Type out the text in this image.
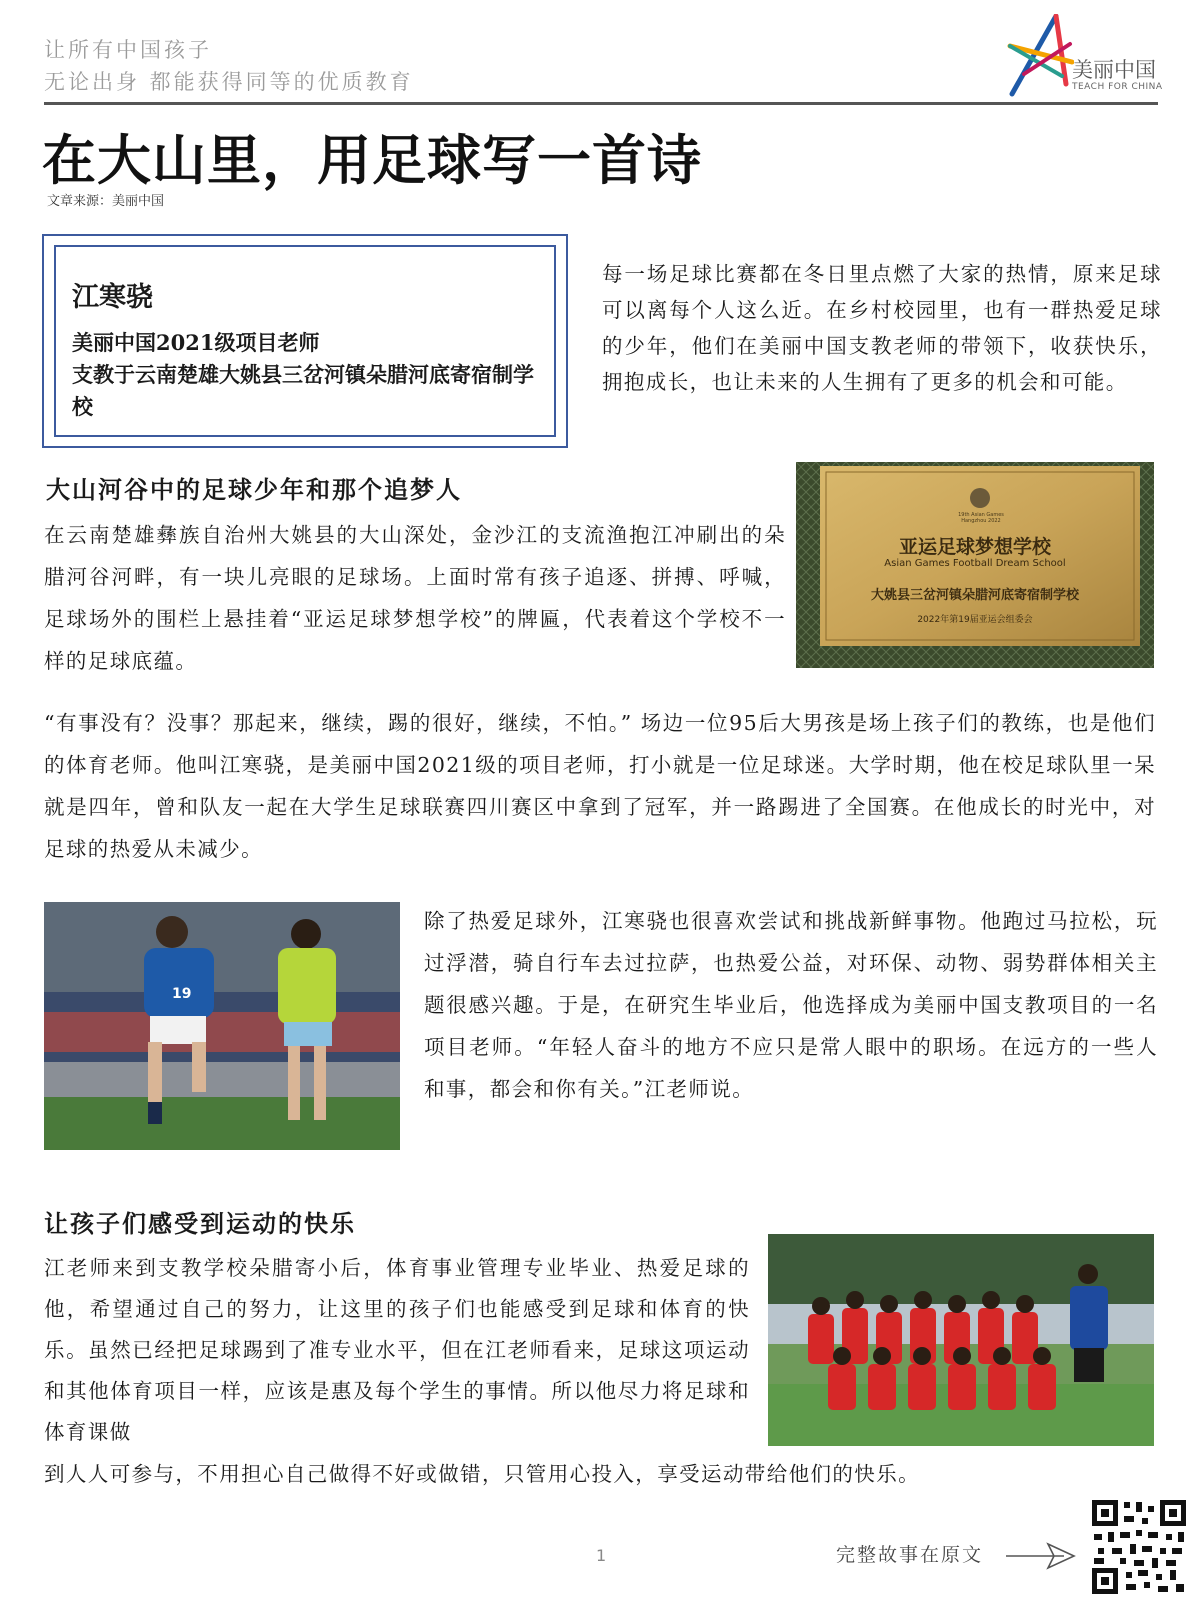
让所有中国孩子
无论出身 都能获得同等的优质教育	美丽中国
TEACH FOR CHINA
在大山里，用足球写一首诗
文章来源：美丽中国
江寒骁
美丽中国2021级项目老师
支教于云南楚雄大姚县三岔河镇朵腊河底寄宿制学校
每一场足球比赛都在冬日里点燃了大家的热情，原来足球可以离每个人这么近。在乡村校园里，也有一群热爱足球的少年，他们在美丽中国支教老师的带领下，收获快乐，拥抱成长，也让未来的人生拥有了更多的机会和可能。
大山河谷中的足球少年和那个追梦人
在云南楚雄彝族自治州大姚县的大山深处，金沙江的支流渔抱江冲刷出的朵腊河谷河畔，有一块儿亮眼的足球场。上面时常有孩子追逐、拼搏、呼喊，足球场外的围栏上悬挂着“亚运足球梦想学校”的牌匾，代表着这个学校不一样的足球底蕴。
19th Asian Games Hangzhou 2022
亚运足球梦想学校
Asian Games Football Dream School
大姚县三岔河镇朵腊河底寄宿制学校
2022年第19届亚运会组委会
“有事没有？没事？那起来，继续，踢的很好，继续，不怕。” 场边一位95后大男孩是场上孩子们的教练，也是他们的体育老师。他叫江寒骁，是美丽中国2021级的项目老师，打小就是一位足球迷。大学时期，他在校足球队里一呆就是四年，曾和队友一起在大学生足球联赛四川赛区中拿到了冠军，并一路踢进了全国赛。在他成长的时光中，对足球的热爱从未减少。
19
除了热爱足球外，江寒骁也很喜欢尝试和挑战新鲜事物。他跑过马拉松，玩过浮潜，骑自行车去过拉萨，也热爱公益，对环保、动物、弱势群体相关主题很感兴趣。于是，在研究生毕业后，他选择成为美丽中国支教项目的一名项目老师。“年轻人奋斗的地方不应只是常人眼中的职场。在远方的一些人和事，都会和你有关。”江老师说。
让孩子们感受到运动的快乐
江老师来到支教学校朵腊寄小后，体育事业管理专业毕业、热爱足球的他，希望通过自己的努力，让这里的孩子们也能感受到足球和体育的快乐。虽然已经把足球踢到了准专业水平，但在江老师看来，足球这项运动和其他体育项目一样，应该是惠及每个学生的事情。所以他尽力将足球和体育课做
到人人可参与，不用担心自己做得不好或做错，只管用心投入，享受运动带给他们的快乐。
1	完整故事在原文
